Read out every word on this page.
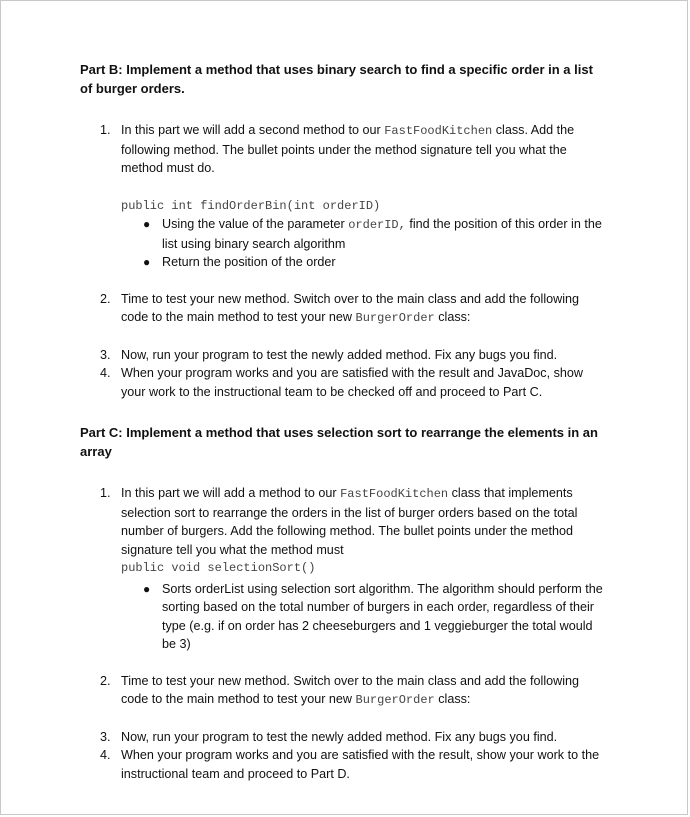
Part B: Implement a method that uses binary search to find a specific order in a list of burger orders.

1. In this part we will add a second method to our FastFoodKitchen class. Add the following method. The bullet points under the method signature tell you what the method must do.
public int findOrderBin(int orderID)
● Using the value of the parameter orderID, find the position of this order in the list using binary search algorithm
● Return the position of the order
2. Time to test your new method. Switch over to the main class and add the following code to the main method to test your new BurgerOrder class:
3. Now, run your program to test the newly added method. Fix any bugs you find.
4. When your program works and you are satisfied with the result and JavaDoc, show your work to the instructional team to be checked off and proceed to Part C.

Part C: Implement a method that uses selection sort to rearrange the elements in an array

1. In this part we will add a method to our FastFoodKitchen class that implements selection sort to rearrange the orders in the list of burger orders based on the total number of burgers. Add the following method. The bullet points under the method signature tell you what the method must
public void selectionSort()
● Sorts orderList using selection sort algorithm. The algorithm should perform the sorting based on the total number of burgers in each order, regardless of their type (e.g. if on order has 2 cheeseburgers and 1 veggieburger the total would be 3)
2. Time to test your new method. Switch over to the main class and add the following code to the main method to test your new BurgerOrder class:
3. Now, run your program to test the newly added method. Fix any bugs you find.
4. When your program works and you are satisfied with the result, show your work to the instructional team and proceed to Part D.
